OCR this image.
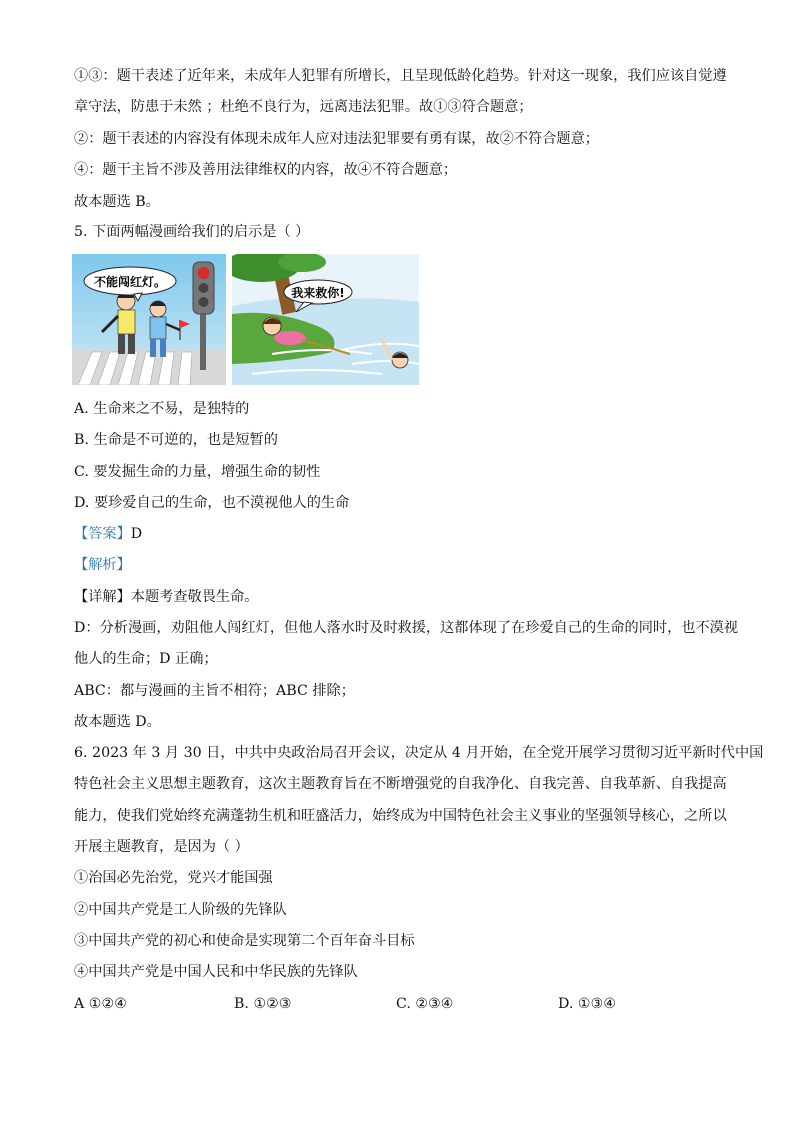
①③：题干表述了近年来，未成年人犯罪有所增长，且呈现低龄化趋势。针对这一现象，我们应该自觉遵
章守法，防患于未然 ；杜绝不良行为，远离违法犯罪。故①③符合题意；
②：题干表述的内容没有体现未成年人应对违法犯罪要有勇有谋，故②不符合题意；
④：题干主旨不涉及善用法律维权的内容，故④不符合题意；
故本题选 B。
5. 下面两幅漫画给我们的启示是（ ）
不能闯红灯。
我来救你!
A. 生命来之不易，是独特的
B. 生命是不可逆的，也是短暂的
C. 要发掘生命的力量，增强生命的韧性
D. 要珍爱自己的生命，也不漠视他人的生命
【答案】D
【解析】
【详解】本题考查敬畏生命。
D：分析漫画，劝阻他人闯红灯，但他人落水时及时救援，这都体现了在珍爱自己的生命的同时，也不漠视
他人的生命；D 正确；
ABC：都与漫画的主旨不相符；ABC 排除；
故本题选 D。
6. 2023 年 3 月 30 日，中共中央政治局召开会议，决定从 4 月开始，在全党开展学习贯彻习近平新时代中国
特色社会主义思想主题教育，这次主题教育旨在不断增强党的自我净化、自我完善、自我革新、自我提高
能力，使我们党始终充满蓬勃生机和旺盛活力，始终成为中国特色社会主义事业的坚强领导核心，之所以
开展主题教育，是因为（ ）
①治国必先治党，党兴才能国强
②中国共产党是工人阶级的先锋队
③中国共产党的初心和使命是实现第二个百年奋斗目标
④中国共产党是中国人民和中华民族的先锋队
A ①②④	B. ①②③	C. ②③④	D. ①③④
